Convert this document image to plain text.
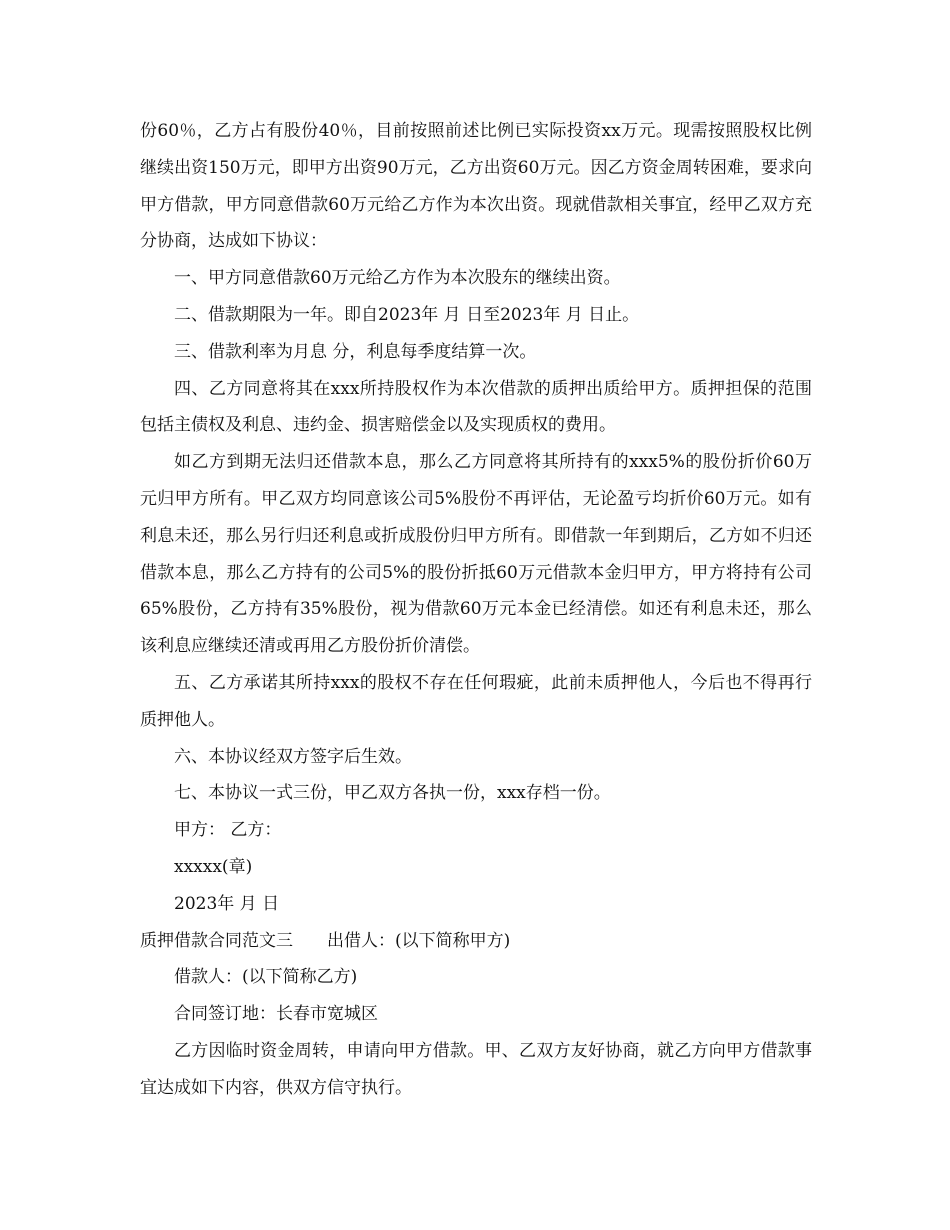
份60％，乙方占有股份40％，目前按照前述比例已实际投资xx万元。现需按照股权比例继续出资150万元，即甲方出资90万元，乙方出资60万元。因乙方资金周转困难，要求向甲方借款，甲方同意借款60万元给乙方作为本次出资。现就借款相关事宜，经甲乙双方充分协商，达成如下协议：

一、甲方同意借款60万元给乙方作为本次股东的继续出资。

二、借款期限为一年。即自2023年 月 日至2023年 月 日止。

三、借款利率为月息 分，利息每季度结算一次。

四、乙方同意将其在xxx所持股权作为本次借款的质押出质给甲方。质押担保的范围包括主债权及利息、违约金、损害赔偿金以及实现质权的费用。

如乙方到期无法归还借款本息，那么乙方同意将其所持有的xxx5%的股份折价60万元归甲方所有。甲乙双方均同意该公司5%股份不再评估，无论盈亏均折价60万元。如有利息未还，那么另行归还利息或折成股份归甲方所有。即借款一年到期后，乙方如不归还借款本息，那么乙方持有的公司5%的股份折抵60万元借款本金归甲方，甲方将持有公司65%股份，乙方持有35%股份，视为借款60万元本金已经清偿。如还有利息未还，那么该利息应继续还清或再用乙方股份折价清偿。

五、乙方承诺其所持xxx的股权不存在任何瑕疵，此前未质押他人，今后也不得再行质押他人。

六、本协议经双方签字后生效。

七、本协议一式三份，甲乙双方各执一份，xxx存档一份。

甲方： 乙方：

xxxxx(章)

2023年 月 日

质押借款合同范文三　　出借人：(以下简称甲方)

借款人：(以下简称乙方)

合同签订地：长春市宽城区

乙方因临时资金周转，申请向甲方借款。甲、乙双方友好协商，就乙方向甲方借款事宜达成如下内容，供双方信守执行。
